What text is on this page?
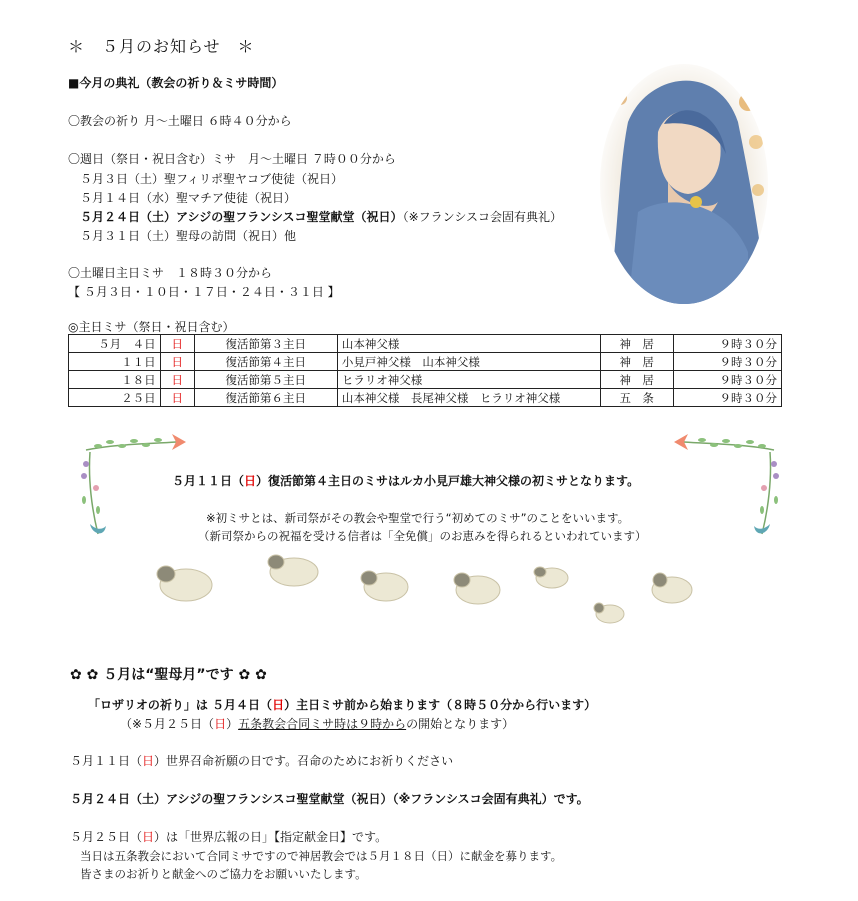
＊　５月のお知らせ　＊
■今月の典礼（教会の祈り＆ミサ時間）
〇教会の祈り 月～土曜日 ６時４０分から
〇週日（祭日・祝日含む）ミサ　月～土曜日 ７時００分から
５月３日（土）聖フィリポ聖ヤコブ使徒（祝日）
５月１４日（水）聖マチア使徒（祝日）
５月２４日（土）アシジの聖フランシスコ聖堂献堂（祝日）（※フランシスコ会固有典礼）
５月３１日（土）聖母の訪問（祝日）他
〇土曜日主日ミサ　１８時３０分から
【 ５月３日・１０日・１７日・２４日・３１日 】
◎主日ミサ（祭日・祝日含む）
５月　４日	日	復活節第３主日	山本神父様	神　居	９時３０分
１１日	日	復活節第４主日	小見戸神父様　山本神父様	神　居	９時３０分
１８日	日	復活節第５主日	ヒラリオ神父様	神　居	９時３０分
２５日	日	復活節第６主日	山本神父様　長尾神父様　ヒラリオ神父様	五　条	９時３０分
５月１１日（日）復活節第４主日のミサはルカ小見戸雄大神父様の初ミサとなります。
※初ミサとは、新司祭がその教会や聖堂で行う“初めてのミサ”のことをいいます。
（新司祭からの祝福を受ける信者は「全免償」のお恵みを得られるといわれています）
✿ ✿ ５月は“聖母月”です ✿ ✿
「ロザリオの祈り」は ５月４日（日）主日ミサ前から始まります（８時５０分から行います）
（※５月２５日（日）五条教会合同ミサ時は９時からの開始となります）
５月１１日（日）世界召命祈願の日です。召命のためにお祈りください
５月２４日（土）アシジの聖フランシスコ聖堂献堂（祝日）（※フランシスコ会固有典礼）です。
５月２５日（日）は「世界広報の日」【指定献金日】です。
当日は五条教会において合同ミサですので神居教会では５月１８日（日）に献金を募ります。
皆さまのお祈りと献金へのご協力をお願いいたします。
